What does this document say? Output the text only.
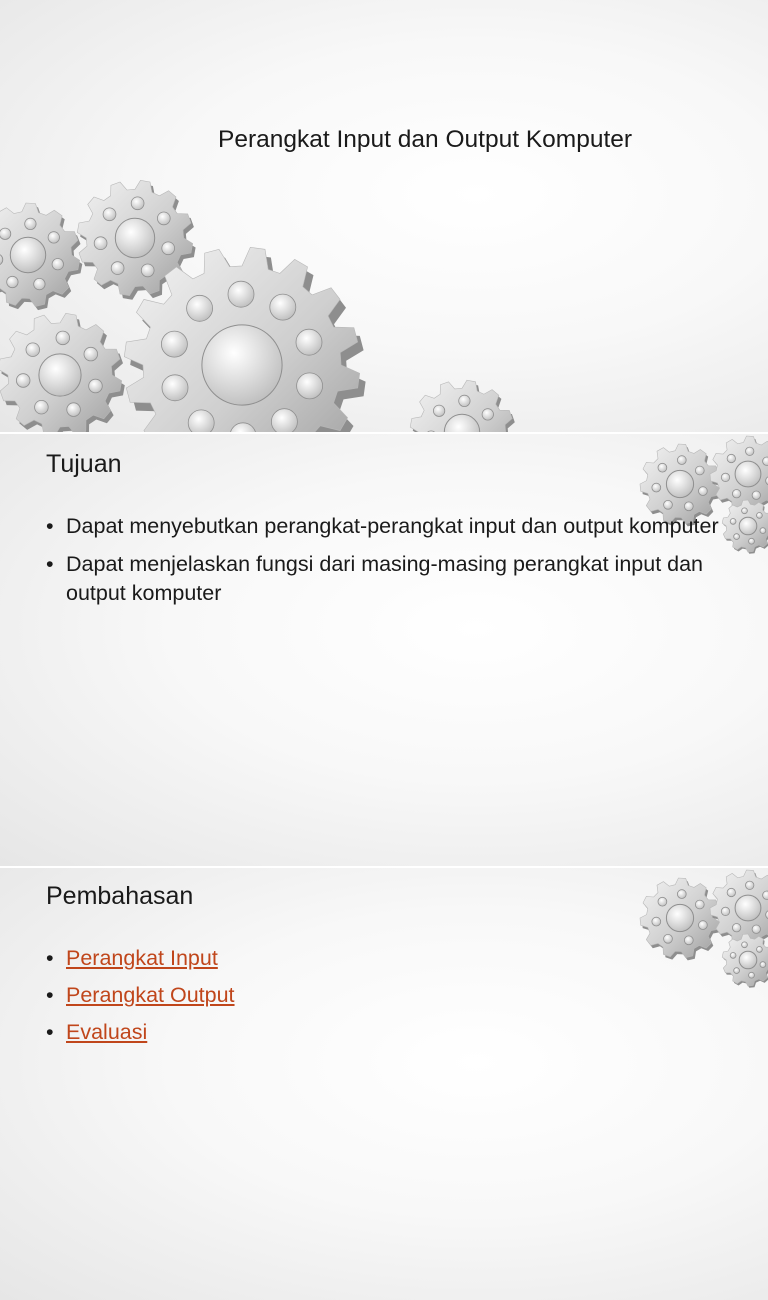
Perangkat Input dan Output Komputer
Tujuan
• Dapat menyebutkan perangkat-perangkat input dan output komputer
• Dapat menjelaskan fungsi dari masing-masing perangkat input dan output komputer
Pembahasan
• Perangkat Input
• Perangkat Output
• Evaluasi
